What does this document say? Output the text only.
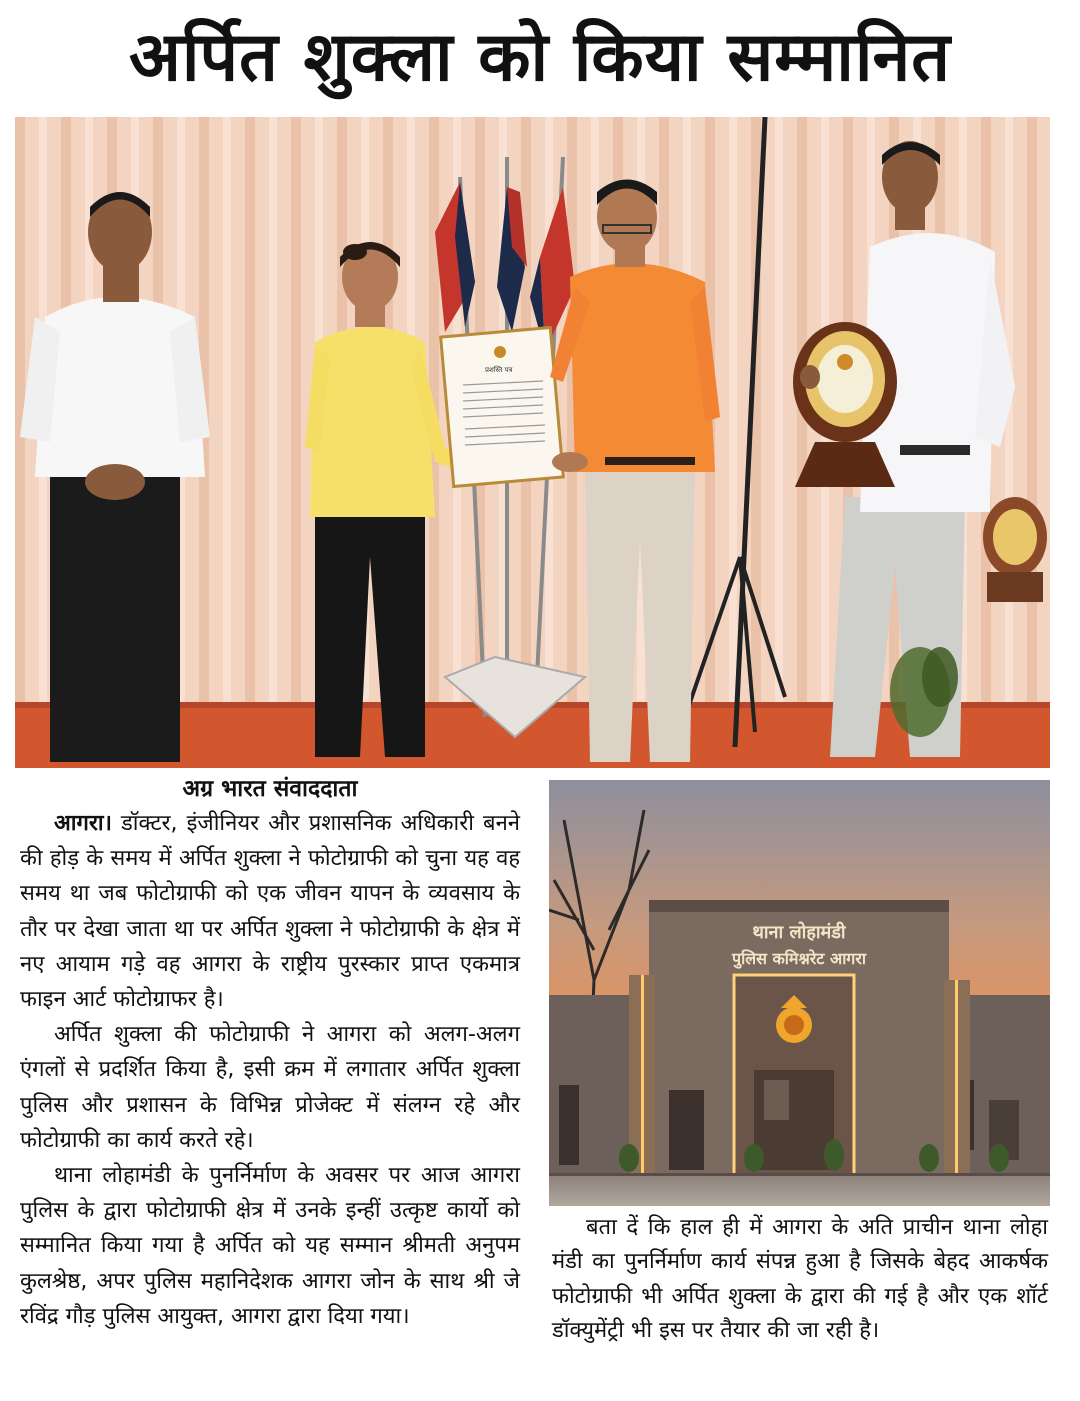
अर्पित शुक्ला को किया सम्मानित
प्रशस्ति पत्र
अग्र भारत संवाददाता

आगरा। डॉक्टर, इंजीनियर और प्रशासनिक अधिकारी बनने की होड़ के समय में अर्पित शुक्ला ने फोटोग्राफी को चुना यह वह समय था जब फोटोग्राफी को एक जीवन यापन के व्यवसाय के तौर पर देखा जाता था पर अर्पित शुक्ला ने फोटोग्राफी के क्षेत्र में नए आयाम गड़े वह आगरा के राष्ट्रीय पुरस्कार प्राप्त एकमात्र फाइन आर्ट फोटोग्राफर है।

अर्पित शुक्ला की फोटोग्राफी ने आगरा को अलग-अलग एंगलों से प्रदर्शित किया है, इसी क्रम में लगातार अर्पित शुक्ला पुलिस और प्रशासन के विभिन्न प्रोजेक्ट में संलग्न रहे और फोटोग्राफी का कार्य करते रहे।

थाना लोहामंडी के पुनर्निर्माण के अवसर पर आज आगरा पुलिस के द्वारा फोटोग्राफी क्षेत्र में उनके इन्हीं उत्कृष्ट कार्यो को सम्मानित किया गया है अर्पित को यह सम्मान श्रीमती अनुपम कुलश्रेष्ठ, अपर पुलिस महानिदेशक आगरा जोन के साथ श्री जे रविंद्र गौड़ पुलिस आयुक्त, आगरा द्वारा दिया गया।

थाना लोहामंडी
पुलिस कमिश्नरेट आगरा

बता दें कि हाल ही में आगरा के अति प्राचीन थाना लोहा मंडी का पुनर्निर्माण कार्य संपन्न हुआ है जिसके बेहद आकर्षक फोटोग्राफी भी अर्पित शुक्ला के द्वारा की गई है और एक शॉर्ट डॉक्युमेंट्री भी इस पर तैयार की जा रही है।
